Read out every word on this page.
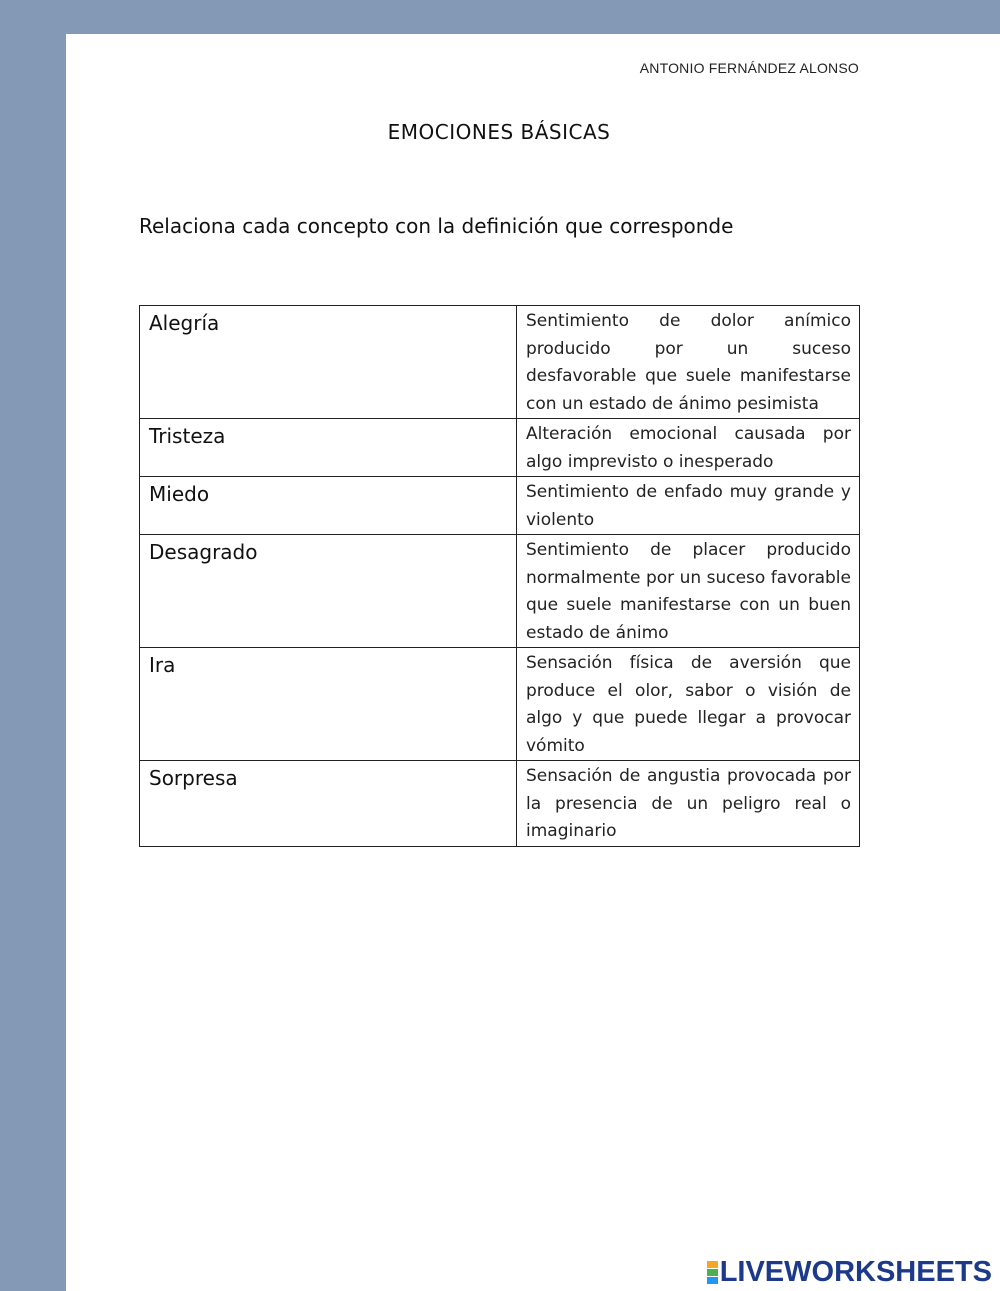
ANTONIO FERNÁNDEZ ALONSO
EMOCIONES BÁSICAS
Relaciona cada concepto con la definición que corresponde
Alegría	Sentimiento de dolor anímico producido por un suceso desfavorable que suele manifestarse con un estado de ánimo pesimista
Tristeza	Alteración emocional causada por algo imprevisto o inesperado
Miedo	Sentimiento de enfado muy grande y violento
Desagrado	Sentimiento de placer producido normalmente por un suceso favorable que suele manifestarse con un buen estado de ánimo
Ira	Sensación física de aversión que produce el olor, sabor o visión de algo y que puede llegar a provocar vómito
Sorpresa	Sensación de angustia provocada por la presencia de un peligro real o imaginario
LIVEWORKSHEETS
